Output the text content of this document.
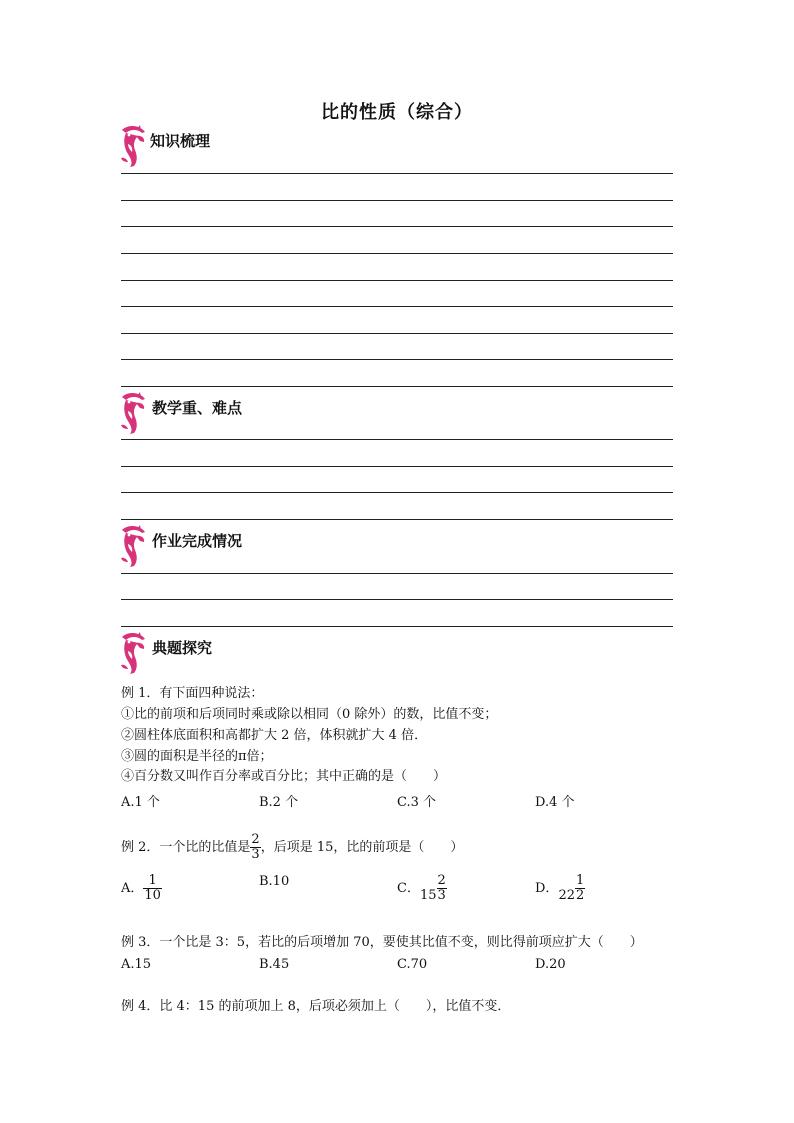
比的性质（综合）
知识梳理
教学重、难点
作业完成情况
典题探究
例 1．有下面四种说法：
①比的前项和后项同时乘或除以相同（0 除外）的数，比值不变；
②圆柱体底面积和高都扩大 2 倍，体积就扩大 4 倍．
③圆的面积是半径的π倍；
④百分数又叫作百分率或百分比；其中正确的是（　　）
A.1 个	B.2 个	C.3 个	D.4 个
例 2．一个比的比值是 $\frac{2}{3}$ ，后项是 15，比的前项是（　　）
A． $\frac{1}{10}$	B.10	C．$15 \frac{2}{3}$	D．$22 \frac{1}{2}$
例 3．一个比是 3：5，若比的后项增加 70，要使其比值不变，则比得前项应扩大（　　）
A.15	B.45	C.70	D.20
例 4．比 4：15 的前项加上 8，后项必须加上（　　），比值不变．
